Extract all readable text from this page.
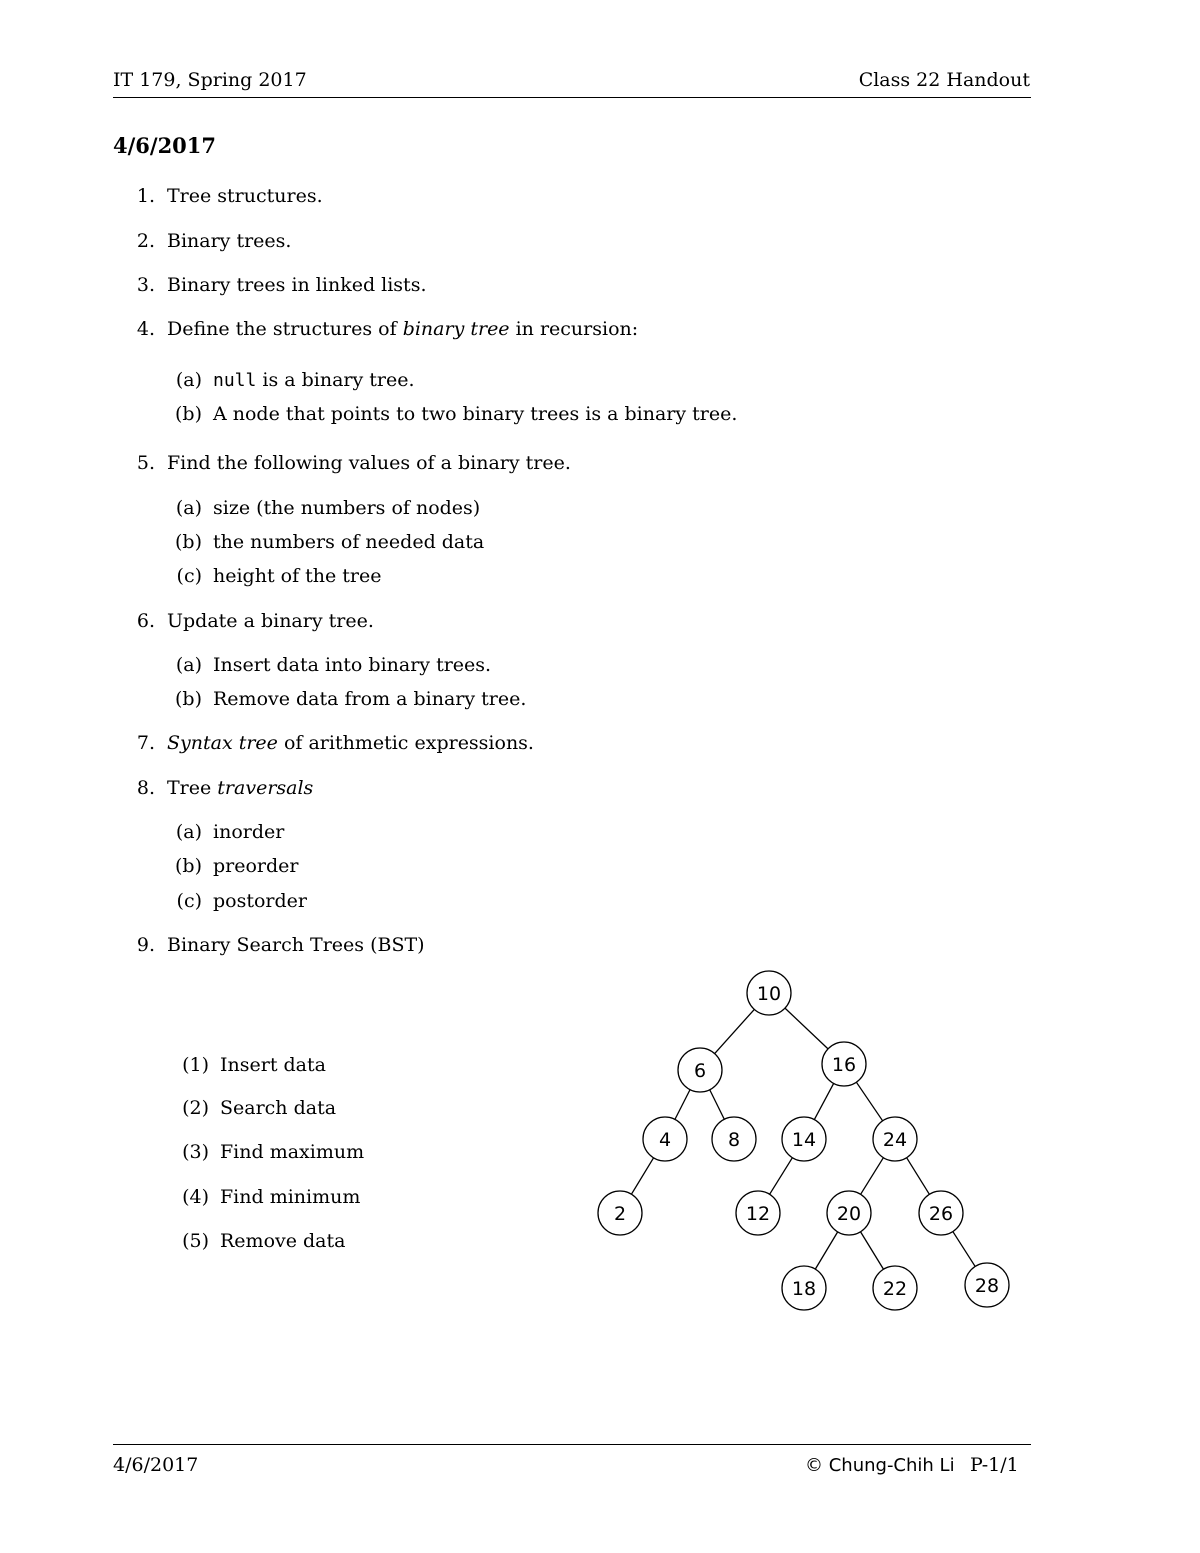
IT 179, Spring 2017	Class 22 Handout
4/6/2017
1. Tree structures.
2. Binary trees.
3. Binary trees in linked lists.
4. Define the structures of binary tree in recursion:
(a) null is a binary tree.
(b) A node that points to two binary trees is a binary tree.
5. Find the following values of a binary tree.
(a) size (the numbers of nodes)
(b) the numbers of needed data
(c) height of the tree
6. Update a binary tree.
(a) Insert data into binary trees.
(b) Remove data from a binary tree.
7. Syntax tree of arithmetic expressions.
8. Tree traversals
(a) inorder
(b) preorder
(c) postorder
9. Binary Search Trees (BST)
(1) Insert data
(2) Search data
(3) Find maximum
(4) Find minimum
(5) Remove data
10
6	16
4	8	14	24
2	12	20	26
18	22	28
4/6/2017	© Chung-Chih Li P-1/1
